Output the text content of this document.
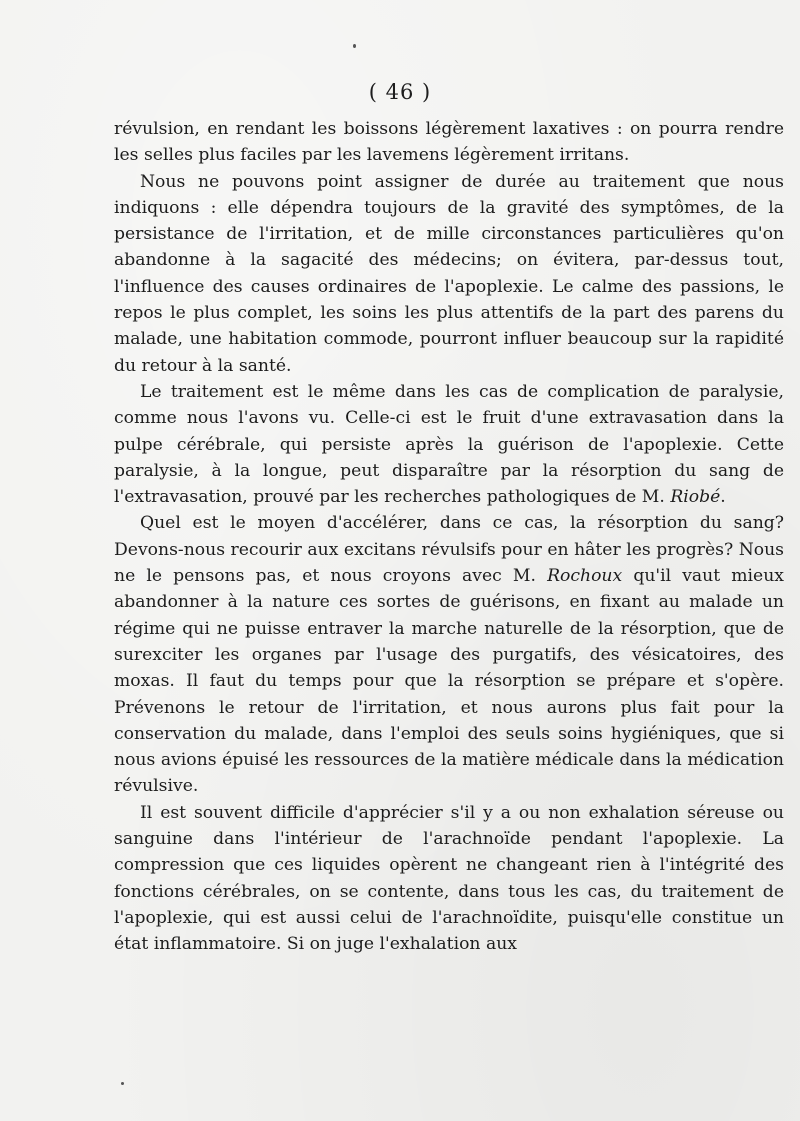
( 46 )

révulsion, en rendant les boissons légèrement laxatives : on pourra rendre les selles plus faciles par les lavemens légèrement irritans.

Nous ne pouvons point assigner de durée au traitement que nous indiquons : elle dépendra toujours de la gravité des symptômes, de la persistance de l'irritation, et de mille circonstances particulières qu'on abandonne à la sagacité des médecins; on évitera, par-dessus tout, l'influence des causes ordinaires de l'apoplexie. Le calme des passions, le repos le plus complet, les soins les plus attentifs de la part des parens du malade, une habitation commode, pourront influer beaucoup sur la rapidité du retour à la santé.

Le traitement est le même dans les cas de complication de paralysie, comme nous l'avons vu. Celle-ci est le fruit d'une extravasation dans la pulpe cérébrale, qui persiste après la guérison de l'apoplexie. Cette paralysie, à la longue, peut disparaître par la résorption du sang de l'extravasation, prouvé par les recherches pathologiques de M. Riobé.

Quel est le moyen d'accélérer, dans ce cas, la résorption du sang? Devons-nous recourir aux excitans révulsifs pour en hâter les progrès? Nous ne le pensons pas, et nous croyons avec M. Rochoux qu'il vaut mieux abandonner à la nature ces sortes de guérisons, en fixant au malade un régime qui ne puisse entraver la marche naturelle de la résorption, que de surexciter les organes par l'usage des purgatifs, des vésicatoires, des moxas. Il faut du temps pour que la résorption se prépare et s'opère. Prévenons le retour de l'irritation, et nous aurons plus fait pour la conservation du malade, dans l'emploi des seuls soins hygiéniques, que si nous avions épuisé les ressources de la matière médicale dans la médication révulsive.

Il est souvent difficile d'apprécier s'il y a ou non exhalation séreuse ou sanguine dans l'intérieur de l'arachnoïde pendant l'apoplexie. La compression que ces liquides opèrent ne changeant rien à l'intégrité des fonctions cérébrales, on se contente, dans tous les cas, du traitement de l'apoplexie, qui est aussi celui de l'arachnoïdite, puisqu'elle constitue un état inflammatoire. Si on juge l'exhalation aux
